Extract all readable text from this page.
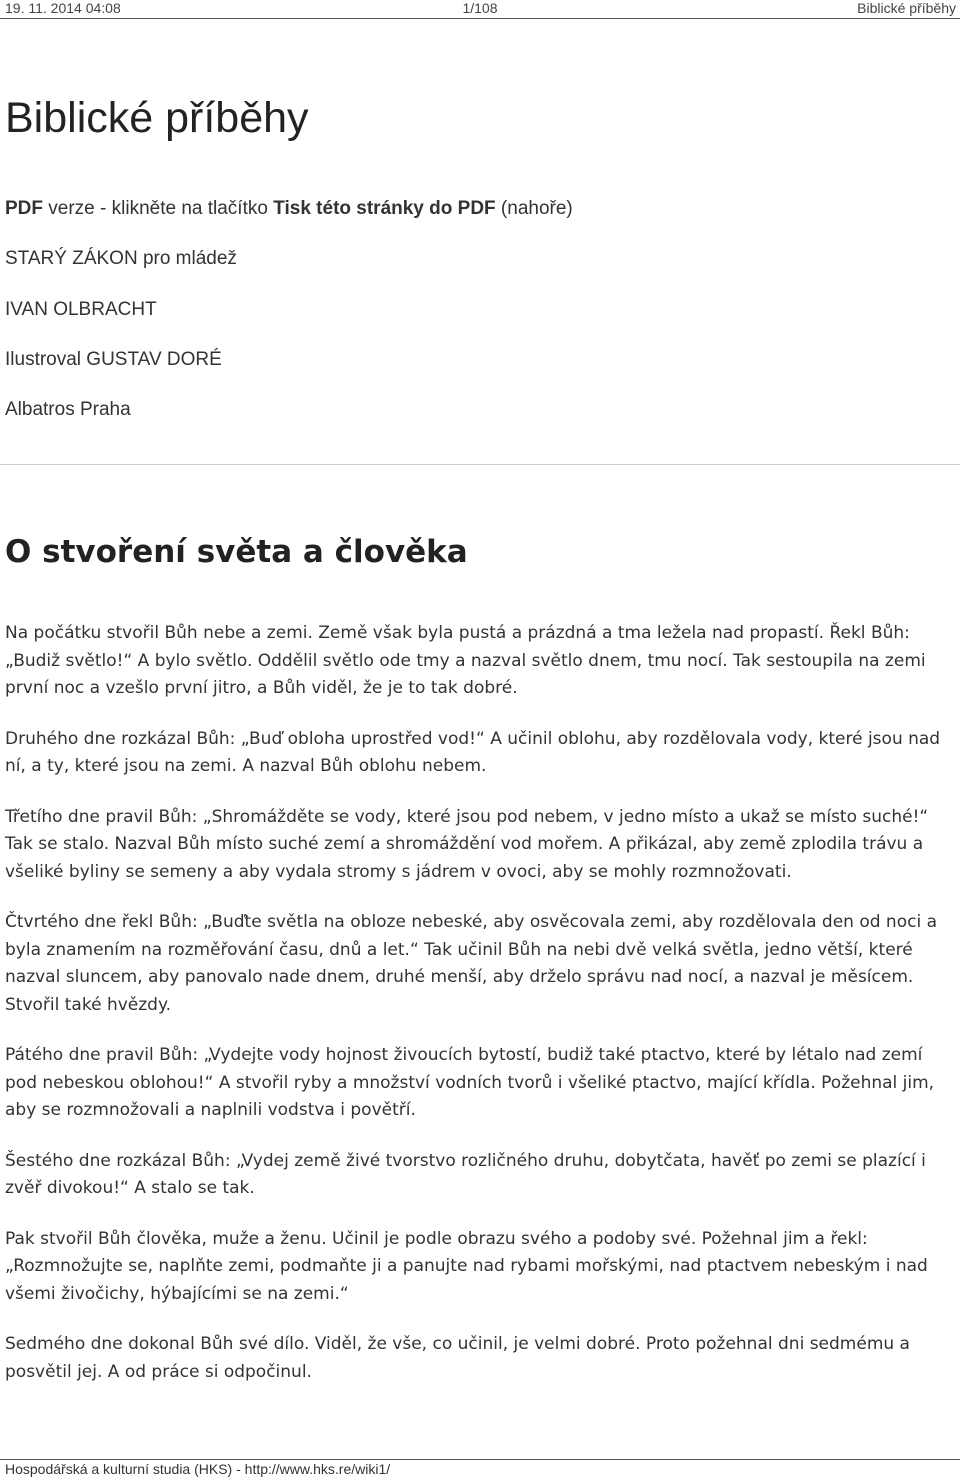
19. 11. 2014 04:08	1/108	Biblické příběhy
Biblické příběhy

PDF verze - klikněte na tlačítko Tisk této stránky do PDF (nahoře)

STARÝ ZÁKON pro mládež

IVAN OLBRACHT

Ilustroval GUSTAV DORÉ

Albatros Praha

O stvoření světa a člověka

Na počátku stvořil Bůh nebe a zemi. Země však byla pustá a prázdná a tma ležela nad propastí. Řekl Bůh: „Budiž světlo!“ A bylo světlo. Oddělil světlo ode tmy a nazval světlo dnem, tmu nocí. Tak sestoupila na zemi první noc a vzešlo první jitro, a Bůh viděl, že je to tak dobré.

Druhého dne rozkázal Bůh: „Buď obloha uprostřed vod!“ A učinil oblohu, aby rozdělovala vody, které jsou nad ní, a ty, které jsou na zemi. A nazval Bůh oblohu nebem.

Třetího dne pravil Bůh: „Shromážděte se vody, které jsou pod nebem, v jedno místo a ukaž se místo suché!“ Tak se stalo. Nazval Bůh místo suché zemí a shromáždění vod mořem. A přikázal, aby země zplodila trávu a všeliké byliny se semeny a aby vydala stromy s jádrem v ovoci, aby se mohly rozmnožovati.

Čtvrtého dne řekl Bůh: „Buďte světla na obloze nebeské, aby osvěcovala zemi, aby rozdělovala den od noci a byla znamením na rozměřování času, dnů a let.“ Tak učinil Bůh na nebi dvě velká světla, jedno větší, které nazval sluncem, aby panovalo nade dnem, druhé menší, aby drželo správu nad nocí, a nazval je měsícem. Stvořil také hvězdy.

Pátého dne pravil Bůh: „Vydejte vody hojnost živoucích bytostí, budiž také ptactvo, které by létalo nad zemí pod nebeskou oblohou!“ A stvořil ryby a množství vodních tvorů i všeliké ptactvo, mající křídla. Požehnal jim, aby se rozmnožovali a naplnili vodstva i povětří.

Šestého dne rozkázal Bůh: „Vydej země živé tvorstvo rozličného druhu, dobytčata, havěť po zemi se plazící i zvěř divokou!“ A stalo se tak.

Pak stvořil Bůh člověka, muže a ženu. Učinil je podle obrazu svého a podoby své. Požehnal jim a řekl: „Rozmnožujte se, naplňte zemi, podmaňte ji a panujte nad rybami mořskými, nad ptactvem nebeským i nad všemi živočichy, hýbajícími se na zemi.“

Sedmého dne dokonal Bůh své dílo. Viděl, že vše, co učinil, je velmi dobré. Proto požehnal dni sedmému a posvětil jej. A od práce si odpočinul.

Hospodářská a kulturní studia (HKS) - http://www.hks.re/wiki1/
